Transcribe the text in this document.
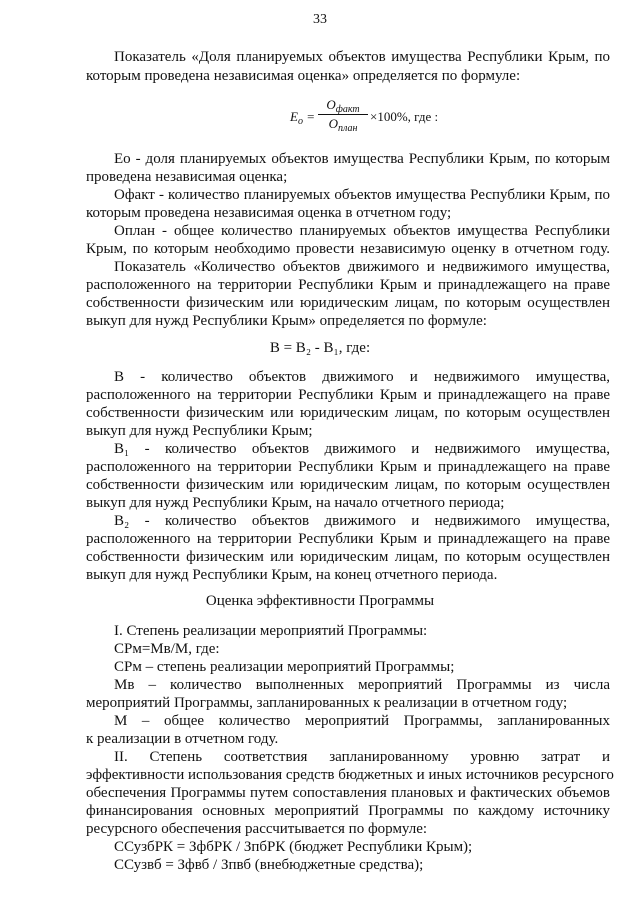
33
Показатель «Доля планируемых объектов имущества Республики Крым, по
которым проведена независимая оценка» определяется по формуле:
$E_о$ =
$О_{факт}$
$О_{план}$
×100%, где :
Ео - доля планируемых объектов имущества Республики Крым, по которым
проведена независимая оценка;
Офакт - количество планируемых объектов имущества Республики Крым, по
которым проведена независимая оценка в отчетном году;
Оплан - общее количество планируемых объектов имущества Республики
Крым, по которым необходимо провести независимую оценку в отчетном году.
Показатель «Количество объектов движимого и недвижимого имущества,
расположенного на территории Республики Крым и принадлежащего на праве
собственности физическим или юридическим лицам, по которым осуществлен
выкуп для нужд Республики Крым» определяется по формуле:
В = В₂ - В₁, где:
В - количество объектов движимого и недвижимого имущества,
расположенного на территории Республики Крым и принадлежащего на праве
собственности физическим или юридическим лицам, по которым осуществлен
выкуп для нужд Республики Крым;
В₁ - количество объектов движимого и недвижимого имущества,
расположенного на территории Республики Крым и принадлежащего на праве
собственности физическим или юридическим лицам, по которым осуществлен
выкуп для нужд Республики Крым, на начало отчетного периода;
В₂ - количество объектов движимого и недвижимого имущества,
расположенного на территории Республики Крым и принадлежащего на праве
собственности физическим или юридическим лицам, по которым осуществлен
выкуп для нужд Республики Крым, на конец отчетного периода.
Оценка эффективности Программы
I. Степень реализации мероприятий Программы:
СРм=Мв/М, где:
СРм – степень реализации мероприятий Программы;
Мв – количество выполненных мероприятий Программы из числа
мероприятий Программы, запланированных к реализации в отчетном году;
М – общее количество мероприятий Программы, запланированных
к реализации в отчетном году.
II. Степень соответствия запланированному уровню затрат и
эффективности использования средств бюджетных и иных источников ресурсного
обеспечения Программы путем сопоставления плановых и фактических объемов
финансирования основных мероприятий Программы по каждому источнику
ресурсного обеспечения рассчитывается по формуле:
ССузбРК = ЗфбРК / ЗпбРК (бюджет Республики Крым);
ССузвб = Зфвб / Зпвб (внебюджетные средства);
